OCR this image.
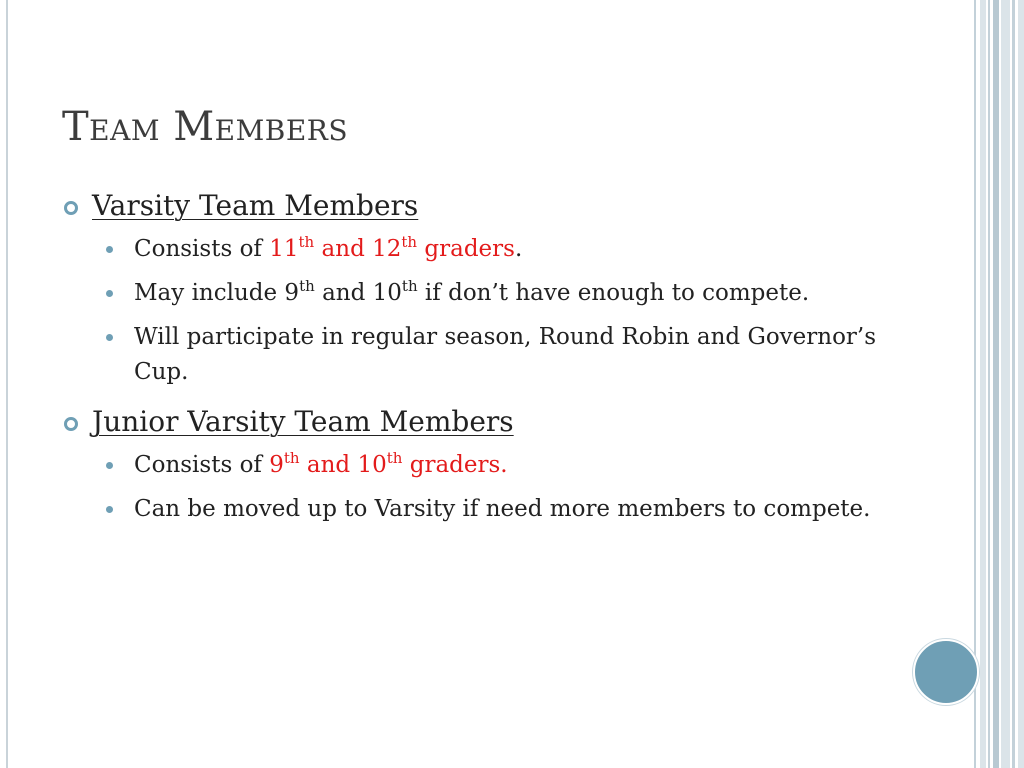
Team Members
Varsity Team Members
Consists of 11th and 12th graders.
May include 9th and 10th if don’t have enough to compete.
Will participate in regular season, Round Robin and Governor’s Cup.
Junior Varsity Team Members
Consists of 9th and 10th graders.
Can be moved up to Varsity if need more members to compete.
